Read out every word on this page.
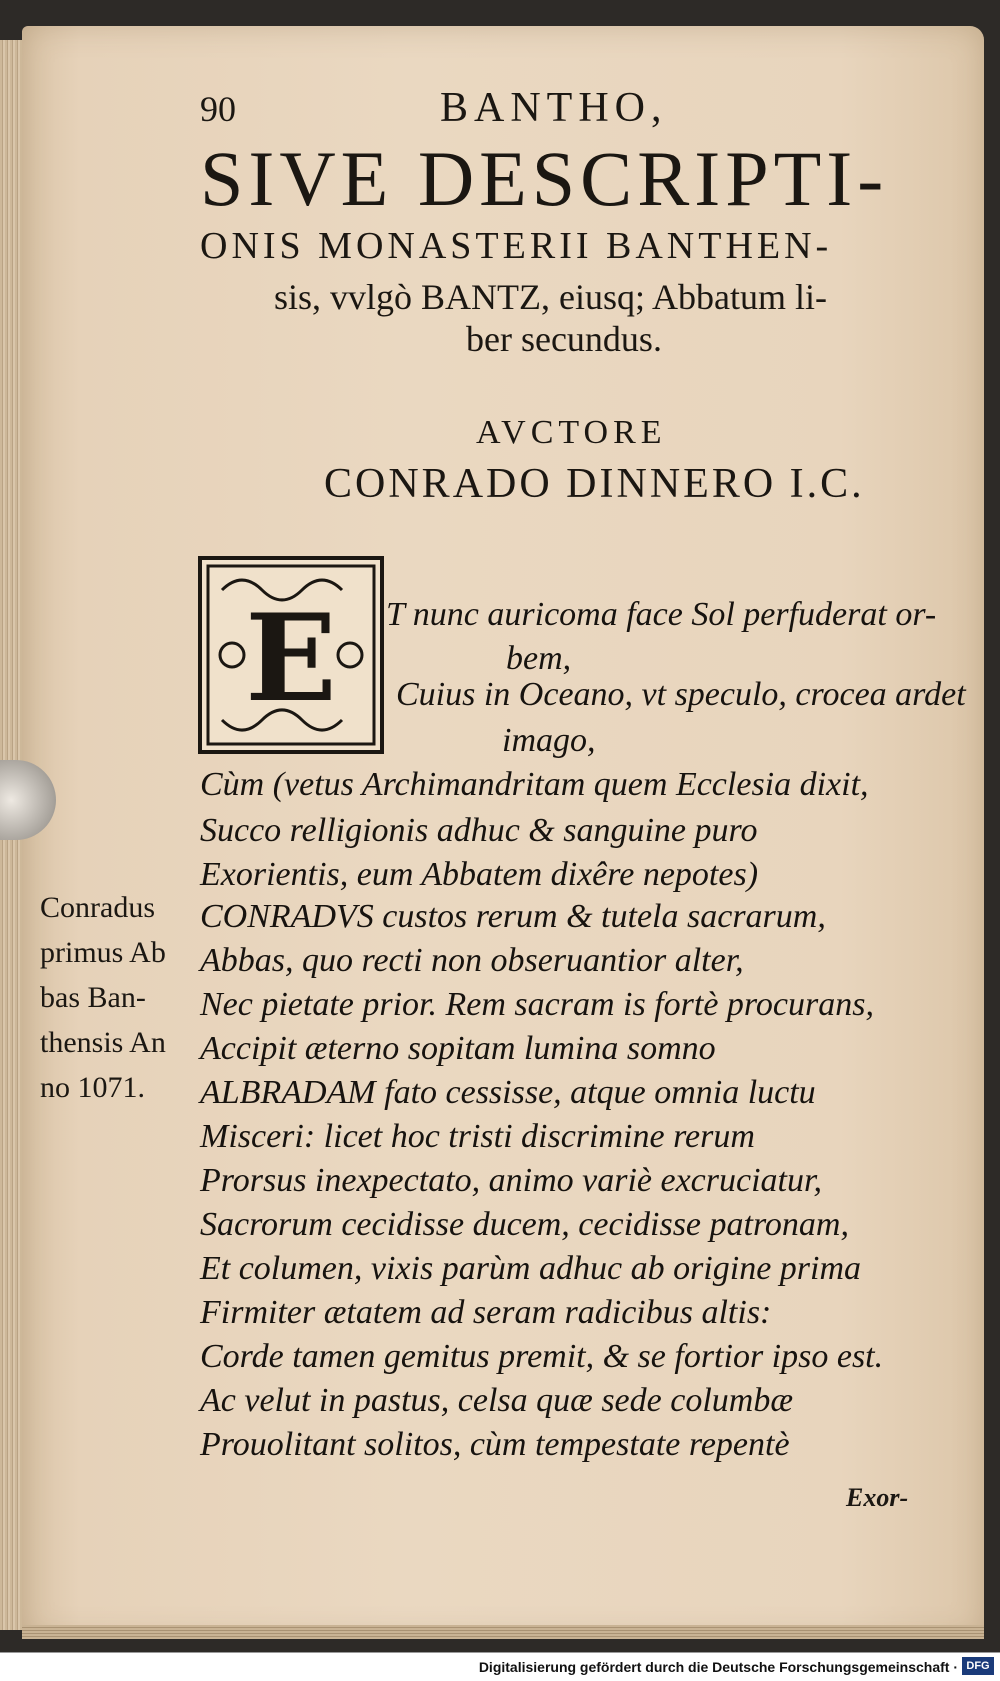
90	BANTHO,
SIVE DESCRIPTI-
ONIS MONASTERII BANTHEN-
sis, vvlgò BANTZ, eiusq; Abbatum li-
ber secundus.
AVCTORE
CONRADO DINNERO I.C.
E T nunc auricoma face Sol perfuderat or-
bem,
Cuius in Oceano, vt speculo, crocea ardet
imago,
Cùm (vetus Archimandritam quem Ecclesia dixit,
Succo relligionis adhuc & sanguine puro
Exorientis, eum Abbatem dixêre nepotes)
CONRADVS custos rerum & tutela sacrarum,
Abbas, quo recti non obseruantior alter,
Nec pietate prior. Rem sacram is fortè procurans,
Accipit æterno sopitam lumina somno
ALBRADAM fato cessisse, atque omnia luctu
Misceri: licet hoc tristi discrimine rerum
Prorsus inexpectato, animo variè excruciatur,
Sacrorum cecidisse ducem, cecidisse patronam,
Et columen, vixis parùm adhuc ab origine prima
Firmiter ætatem ad seram radicibus altis:
Corde tamen gemitus premit, & se fortior ipso est.
Ac velut in pastus, celsa quæ sede columbæ
Prouolitant solitos, cùm tempestate repentè
Conradus
primus Ab
bas Ban-
thensis An
no 1071.
Exor-
Digitalisierung gefördert durch die Deutsche Forschungsgemeinschaft · DFG
